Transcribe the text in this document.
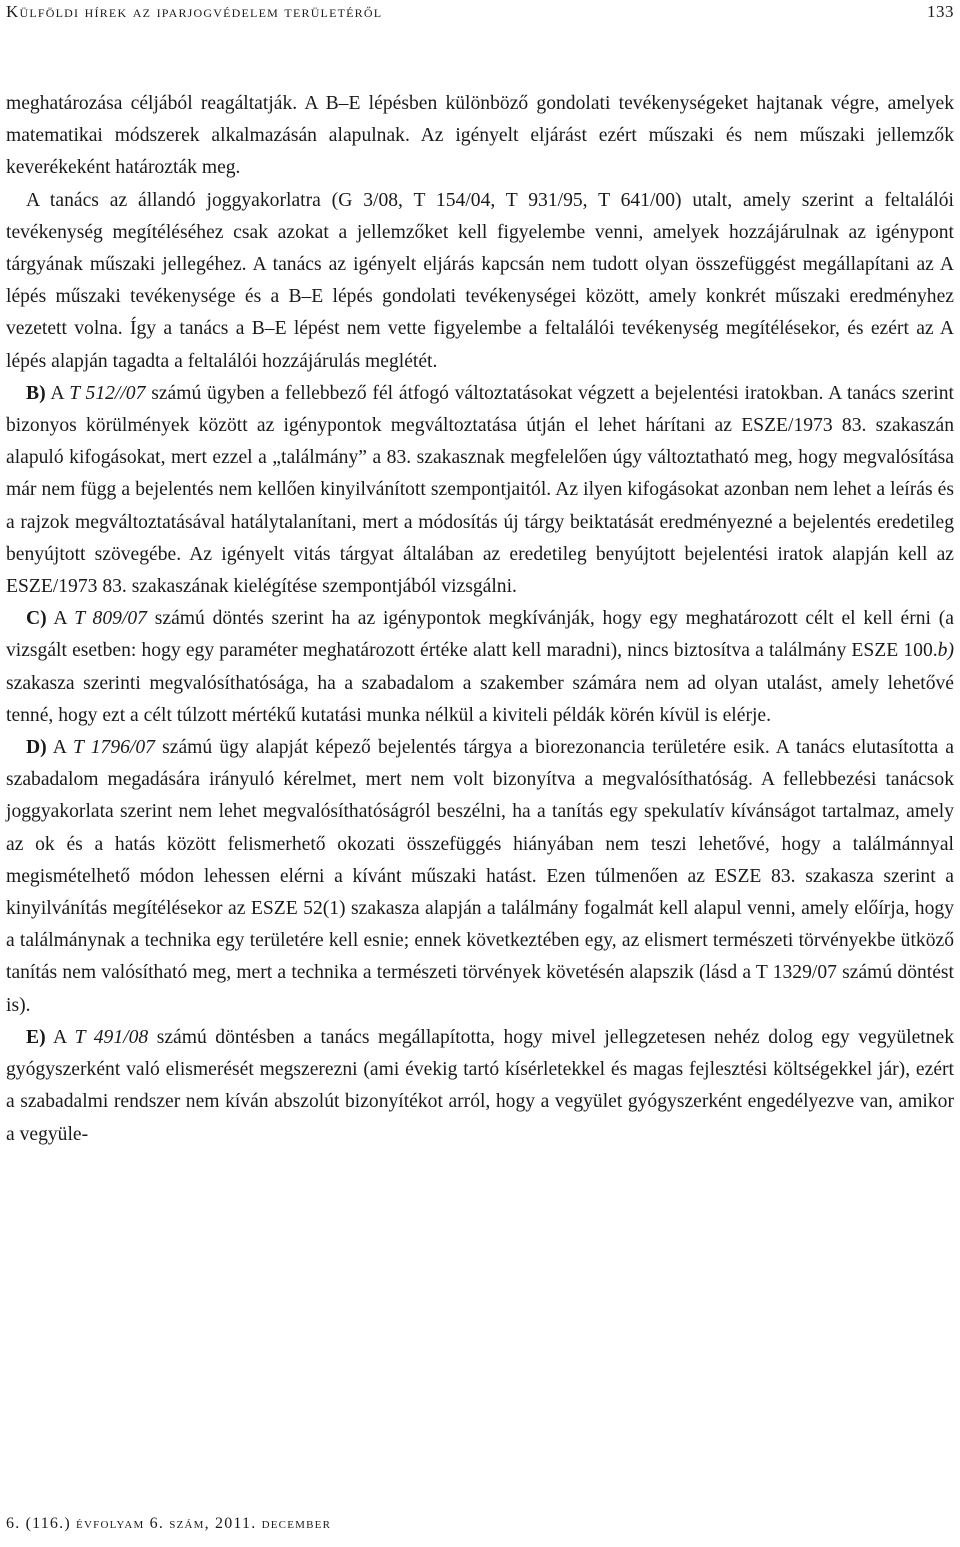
Külföldi hírek az iparjogvédelem területéről	133

meghatározása céljából reagáltatják. A B–E lépésben különböző gondolati tevékenységeket hajtanak végre, amelyek matematikai módszerek alkalmazásán alapulnak. Az igényelt eljárást ezért műszaki és nem műszaki jellemzők keverékeként határozták meg.

A tanács az állandó joggyakorlatra (G 3/08, T 154/04, T 931/95, T 641/00) utalt, amely szerint a feltalálói tevékenység megítéléséhez csak azokat a jellemzőket kell figyelembe venni, amelyek hozzájárulnak az igénypont tárgyának műszaki jellegéhez. A tanács az igényelt eljárás kapcsán nem tudott olyan összefüggést megállapítani az A lépés műszaki tevékenysége és a B–E lépés gondolati tevékenységei között, amely konkrét műszaki eredményhez vezetett volna. Így a tanács a B–E lépést nem vette figyelembe a feltalálói tevékenység megítélésekor, és ezért az A lépés alapján tagadta a feltalálói hozzájárulás meglétét.

B) A T 512//07 számú ügyben a fellebbező fél átfogó változtatásokat végzett a bejelentési iratokban. A tanács szerint bizonyos körülmények között az igénypontok megváltoztatása útján el lehet hárítani az ESZE/1973 83. szakaszán alapuló kifogásokat, mert ezzel a „találmány” a 83. szakasznak megfelelően úgy változtatható meg, hogy megvalósítása már nem függ a bejelentés nem kellően kinyilvánított szempontjaitól. Az ilyen kifogásokat azonban nem lehet a leírás és a rajzok megváltoztatásával hatálytalanítani, mert a módosítás új tárgy beiktatását eredményezné a bejelentés eredetileg benyújtott szövegébe. Az igényelt vitás tárgyat általában az eredetileg benyújtott bejelentési iratok alapján kell az ESZE/1973 83. szakaszának kielégítése szempontjából vizsgálni.

C) A T 809/07 számú döntés szerint ha az igénypontok megkívánják, hogy egy meghatározott célt el kell érni (a vizsgált esetben: hogy egy paraméter meghatározott értéke alatt kell maradni), nincs biztosítva a találmány ESZE 100.b) szakasza szerinti megvalósíthatósága, ha a szabadalom a szakember számára nem ad olyan utalást, amely lehetővé tenné, hogy ezt a célt túlzott mértékű kutatási munka nélkül a kiviteli példák körén kívül is elérje.

D) A T 1796/07 számú ügy alapját képező bejelentés tárgya a biorezonancia területére esik. A tanács elutasította a szabadalom megadására irányuló kérelmet, mert nem volt bizonyítva a megvalósíthatóság. A fellebbezési tanácsok joggyakorlata szerint nem lehet megvalósíthatóságról beszélni, ha a tanítás egy spekulatív kívánságot tartalmaz, amely az ok és a hatás között felismerhető okozati összefüggés hiányában nem teszi lehetővé, hogy a találmánnyal megismételhető módon lehessen elérni a kívánt műszaki hatást. Ezen túlmenően az ESZE 83. szakasza szerint a kinyilvánítás megítélésekor az ESZE 52(1) szakasza alapján a találmány fogalmát kell alapul venni, amely előírja, hogy a találmánynak a technika egy területére kell esnie; ennek következtében egy, az elismert természeti törvényekbe ütköző tanítás nem valósítható meg, mert a technika a természeti törvények követésén alapszik (lásd a T 1329/07 számú döntést is).

E) A T 491/08 számú döntésben a tanács megállapította, hogy mivel jellegzetesen nehéz dolog egy vegyületnek gyógyszerként való elismerését megszerezni (ami évekig tartó kísérletekkel és magas fejlesztési költségekkel jár), ezért a szabadalmi rendszer nem kíván abszolút bizonyítékot arról, hogy a vegyület gyógyszerként engedélyezve van, amikor a vegyüle-

6. (116.) évfolyam 6. szám, 2011. december
